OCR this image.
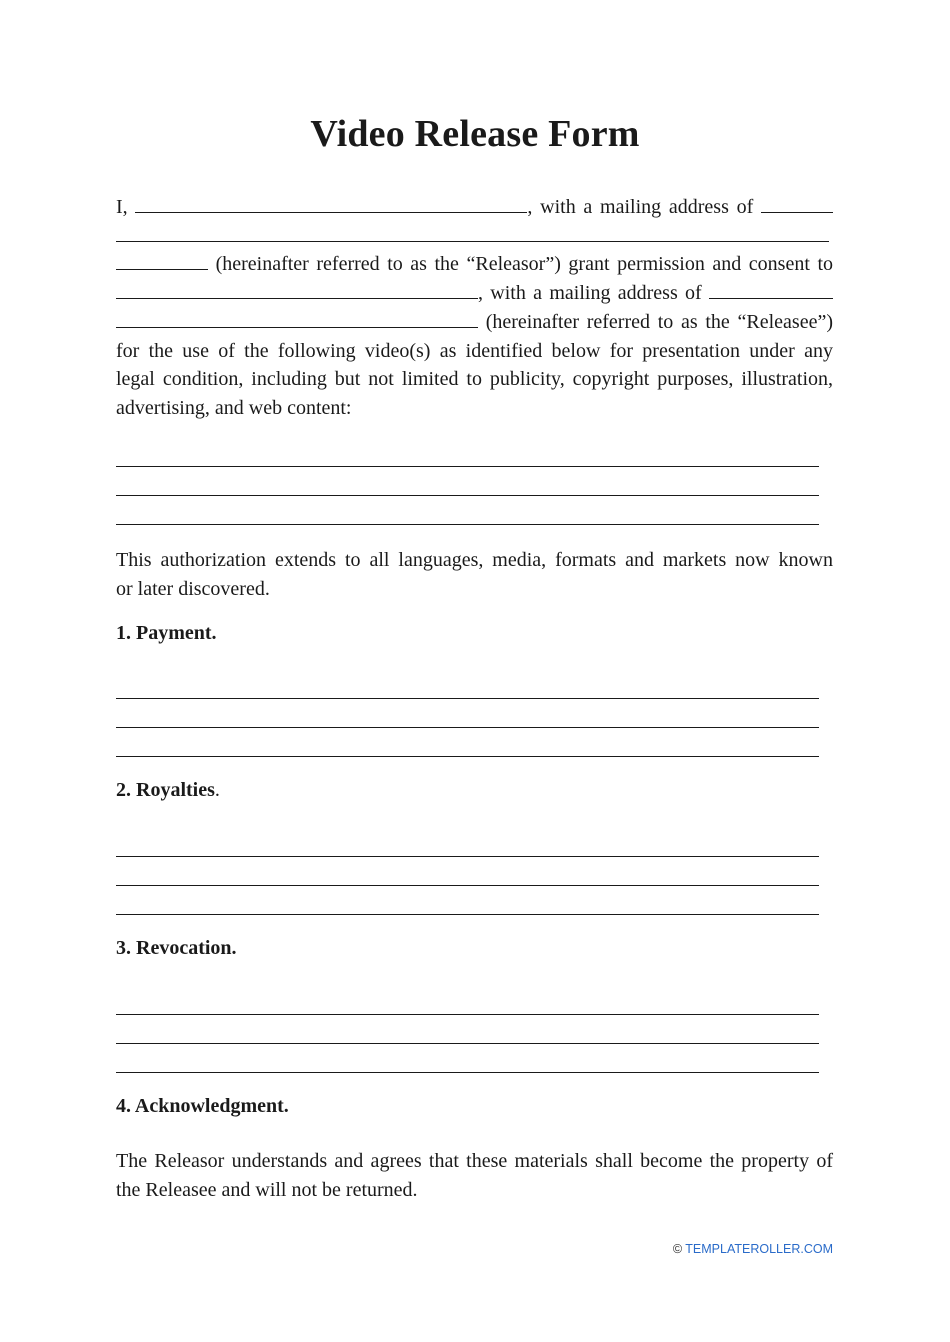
Video Release Form
I,	, with a mailing address of
(hereinafter referred to as the “Releasor”) grant permission and consent to
, with a mailing address of
(hereinafter referred to as the “Releasee”)
for the use of the following video(s) as identified below for presentation under any
legal condition, including but not limited to publicity, copyright purposes, illustration,
advertising, and web content:
This authorization extends to all languages, media, formats and markets now known
or later discovered.

1. Payment.

2. Royalties.

3. Revocation.

4. Acknowledgment.

The Releasor understands and agrees that these materials shall become the property of
the Releasee and will not be returned.
© TEMPLATEROLLER.COM
